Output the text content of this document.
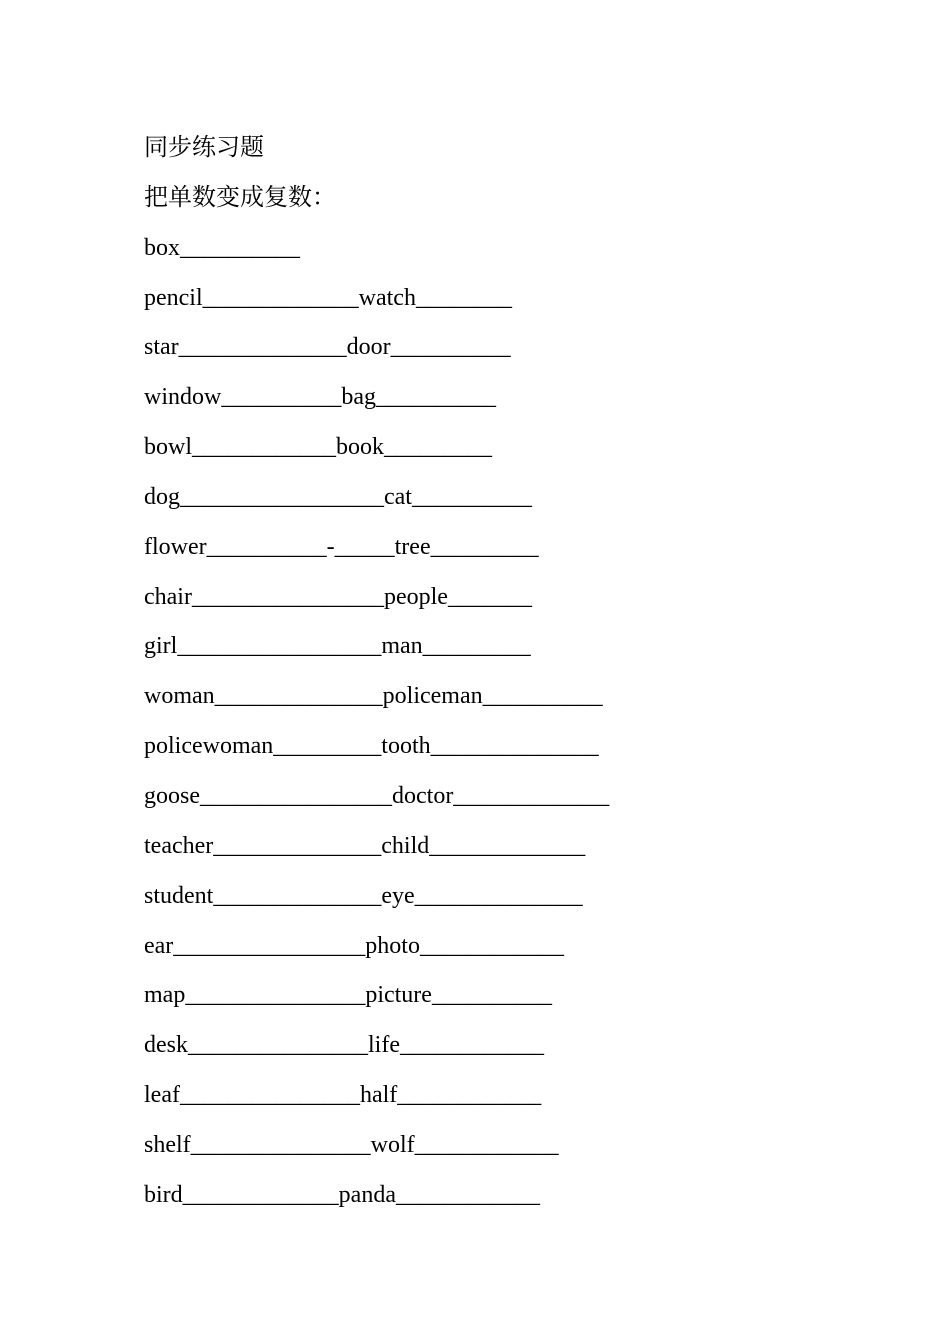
同步练习题
把单数变成复数：
box__________
pencil_____________watch________
star______________door__________
window__________bag__________
bowl____________book_________
dog_________________cat__________
flower__________-_____tree_________
chair________________people_______
girl_________________man_________
woman______________policeman__________
policewoman_________tooth______________
goose________________doctor_____________
teacher______________child_____________
student______________eye______________
ear________________photo____________
map_______________picture__________
desk_______________life____________
leaf_______________half____________
shelf_______________wolf____________
bird_____________panda____________
